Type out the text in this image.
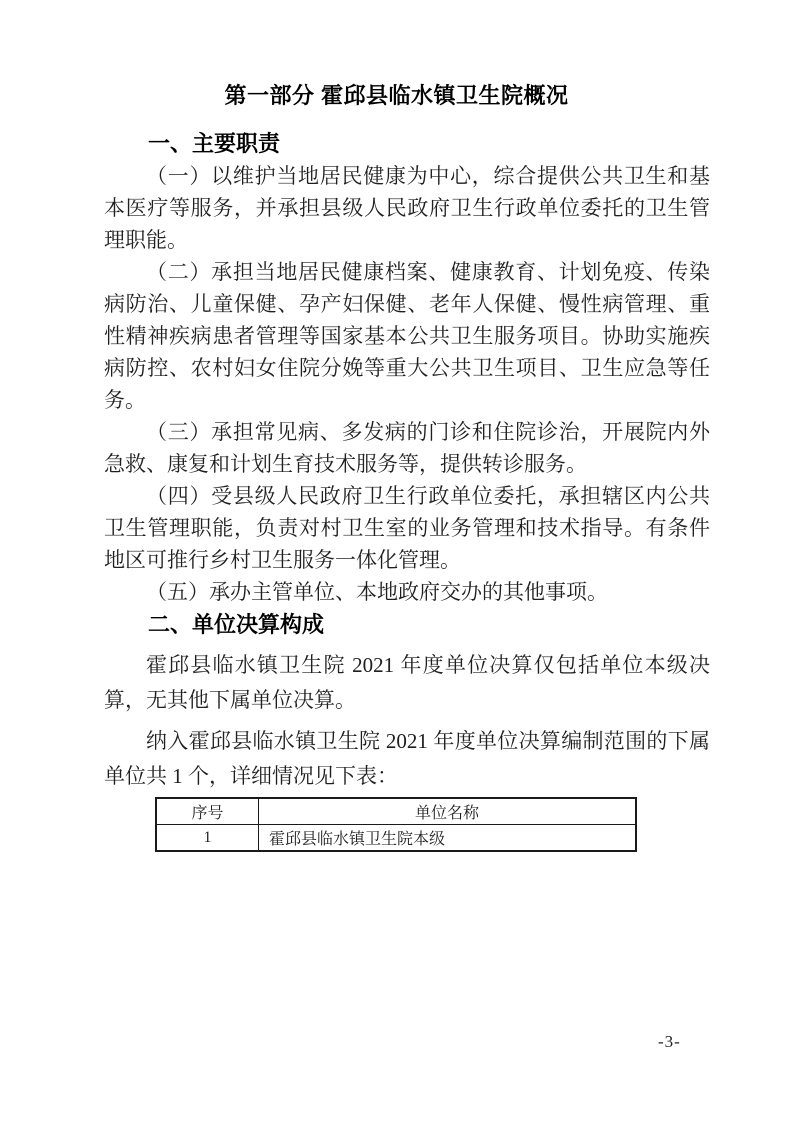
第一部分 霍邱县临水镇卫生院概况
一、主要职责

（一）以维护当地居民健康为中心，综合提供公共卫生和基本医疗等服务，并承担县级人民政府卫生行政单位委托的卫生管理职能。

（二）承担当地居民健康档案、健康教育、计划免疫、传染病防治、儿童保健、孕产妇保健、老年人保健、慢性病管理、重性精神疾病患者管理等国家基本公共卫生服务项目。协助实施疾病防控、农村妇女住院分娩等重大公共卫生项目、卫生应急等任务。

（三）承担常见病、多发病的门诊和住院诊治，开展院内外急救、康复和计划生育技术服务等，提供转诊服务。

（四）受县级人民政府卫生行政单位委托，承担辖区内公共卫生管理职能，负责对村卫生室的业务管理和技术指导。有条件地区可推行乡村卫生服务一体化管理。

（五）承办主管单位、本地政府交办的其他事项。

二、单位决算构成

霍邱县临水镇卫生院 2021 年度单位决算仅包括单位本级决算，无其他下属单位决算。

纳入霍邱县临水镇卫生院 2021 年度单位决算编制范围的下属单位共 1 个，详细情况见下表：

序号	单位名称
1	霍邱县临水镇卫生院本级
-3-
